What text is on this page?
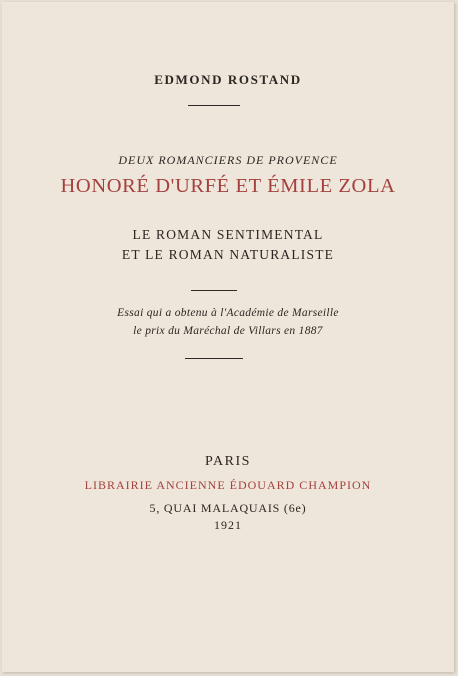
EDMOND ROSTAND
DEUX ROMANCIERS DE PROVENCE
HONORÉ D'URFÉ ET ÉMILE ZOLA
LE ROMAN SENTIMENTAL
ET LE ROMAN NATURALISTE
Essai qui a obtenu à l'Académie de Marseille
le prix du Maréchal de Villars en 1887
PARIS
LIBRAIRIE ANCIENNE ÉDOUARD CHAMPION
5, QUAI MALAQUAIS (6e)
1921
